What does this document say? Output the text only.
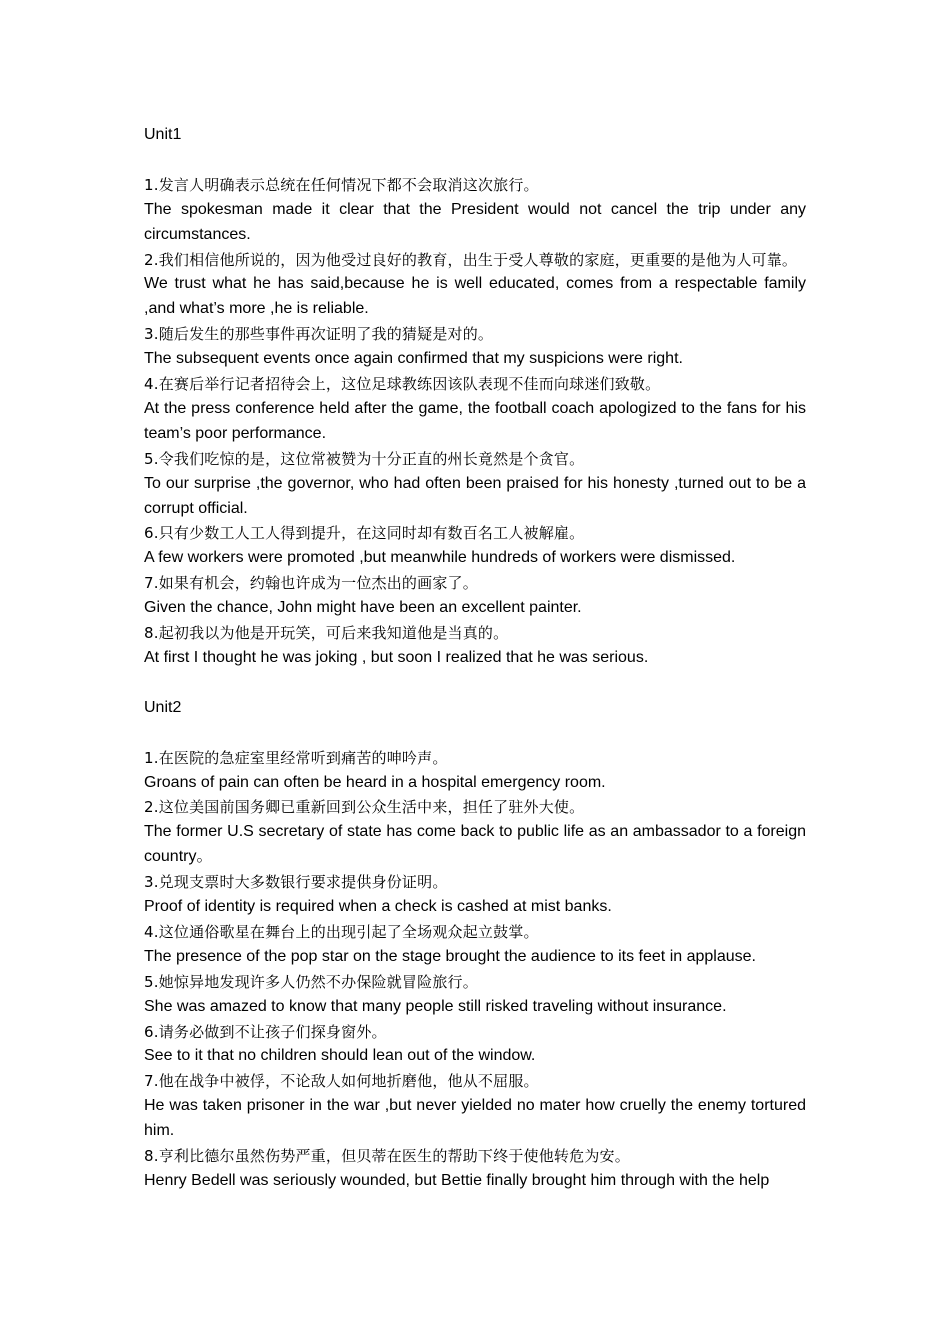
Unit1

1.发言人明确表示总统在任何情况下都不会取消这次旅行。

The spokesman made it clear that the President would not cancel the trip under any circumstances.

2.我们相信他所说的，因为他受过良好的教育，出生于受人尊敬的家庭，更重要的是他为人可靠。

We trust what he has said,because he is well educated, comes from a respectable family ,and what’s more ,he is reliable.

3.随后发生的那些事件再次证明了我的猜疑是对的。

The subsequent events once again confirmed that my suspicions were right.

4.在赛后举行记者招待会上，这位足球教练因该队表现不佳而向球迷们致敬。

At the press conference held after the game, the football coach apologized to the fans for his team’s poor performance.

5.令我们吃惊的是，这位常被赞为十分正直的州长竟然是个贪官。

To our surprise ,the governor, who had often been praised for his honesty ,turned out to be a corrupt official.

6.只有少数工人工人得到提升，在这同时却有数百名工人被解雇。

A few workers were promoted ,but meanwhile hundreds of workers were dismissed.

7.如果有机会，约翰也许成为一位杰出的画家了。

Given the chance, John might have been an excellent painter.

8.起初我以为他是开玩笑，可后来我知道他是当真的。

At first I thought he was joking , but soon I realized that he was serious.

Unit2

1.在医院的急症室里经常听到痛苦的呻吟声。

Groans of pain can often be heard in a hospital emergency room.

2.这位美国前国务卿已重新回到公众生活中来，担任了驻外大使。

The former U.S secretary of state has come back to public life as an ambassador to a foreign country。

3.兑现支票时大多数银行要求提供身份证明。

Proof of identity is required when a check is cashed at mist banks.

4.这位通俗歌星在舞台上的出现引起了全场观众起立鼓掌。

The presence of the pop star on the stage brought the audience to its feet in applause.

5.她惊异地发现许多人仍然不办保险就冒险旅行。

She was amazed to know that many people still risked traveling without insurance.

6.请务必做到不让孩子们探身窗外。

See to it that no children should lean out of the window.

7.他在战争中被俘，不论敌人如何地折磨他，他从不屈服。

He was taken prisoner in the war ,but never yielded no mater how cruelly the enemy tortured him.

8.亨利比德尔虽然伤势严重，但贝蒂在医生的帮助下终于使他转危为安。

Henry Bedell was seriously wounded, but Bettie finally brought him through with the help
